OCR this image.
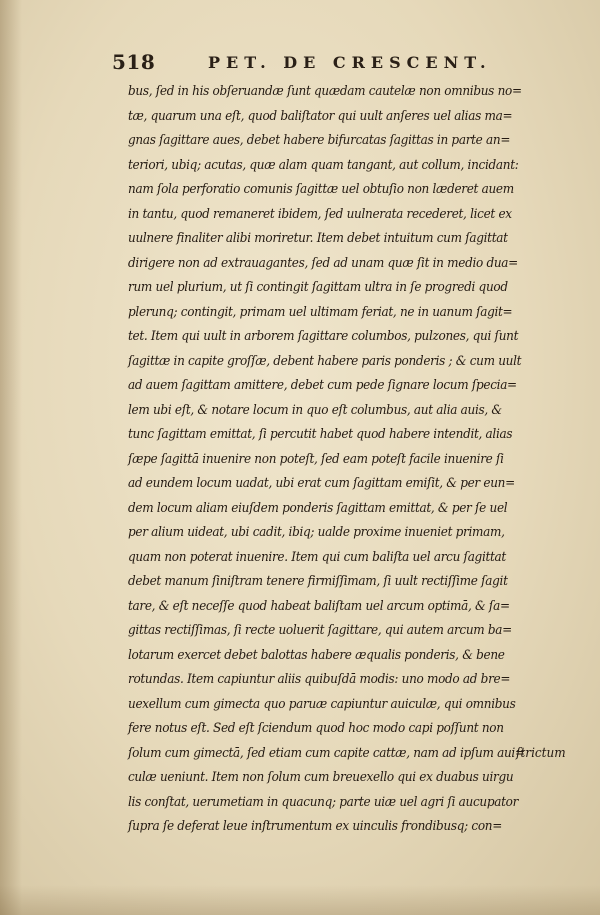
518	PET. DE CRESCENT.
bus, ſed in his obſeruandæ ſunt quædam cautelæ non omnibus no=
tæ, quarum una eſt, quod baliſtator qui uult anſeres uel alias ma=
gnas ſagittare aues, debet habere bifurcatas ſagittas in parte an=
teriori, ubiq; acutas, quæ alam quam tangant, aut collum, incidant:
nam ſola perforatio comunis ſagittæ uel obtuſio non læderet auem
in tantu, quod remaneret ibidem, ſed uulnerata recederet, licet ex
uulnere finaliter alibi moriretur. Item debet intuitum cum ſagittat
dirigere non ad extrauagantes, ſed ad unam quæ ſit in medio dua=
rum uel plurium, ut ſi contingit ſagittam ultra in ſe progredi quod
plerunq; contingit, primam uel ultimam feriat, ne in uanum ſagit=
tet. Item qui uult in arborem ſagittare columbos, pulzones, qui ſunt
ſagittæ in capite groſſæ, debent habere paris ponderis ; & cum uult
ad auem ſagittam amittere, debet cum pede ſignare locum ſpecia=
lem ubi eſt, & notare locum in quo eſt columbus, aut alia auis, &
tunc ſagittam emittat, ſi percutit habet quod habere intendit, alias
ſæpe ſagittā inuenire non poteſt, ſed eam poteſt facile inuenire ſi
ad eundem locum uadat, ubi erat cum ſagittam emiſit, & per eun=
dem locum aliam eiuſdem ponderis ſagittam emittat, & per ſe uel
per alium uideat, ubi cadit, ibiq; ualde proxime inueniet primam,
quam non poterat inuenire. Item qui cum baliſta uel arcu ſagittat
debet manum ſiniſtram tenere firmiſſimam, ſi uult rectiſſime ſagit
tare, & eſt neceſſe quod habeat baliſtam uel arcum optimā, & ſa=
gittas rectiſſimas, ſi recte uoluerit ſagittare, qui autem arcum ba=
lotarum exercet debet balottas habere æqualis ponderis, & bene
rotundas. Item capiuntur aliis quibuſdā modis: uno modo ad bre=
uexellum cum gimecta quo paruæ capiuntur auiculæ, qui omnibus
fere notus eſt. Sed eſt ſciendum quod hoc modo capi poſſunt non
ſolum cum gimectā, ſed etiam cum capite cattæ, nam ad ipſum aui=
culæ ueniunt. Item non ſolum cum breuexello qui ex duabus uirgu
lis conſtat, uerumetiam in quacunq; parte uiæ uel agri ſi aucupator
ſupra ſe deferat leue inſtrumentum ex uinculis frondibusq; con=
ſtrictum
